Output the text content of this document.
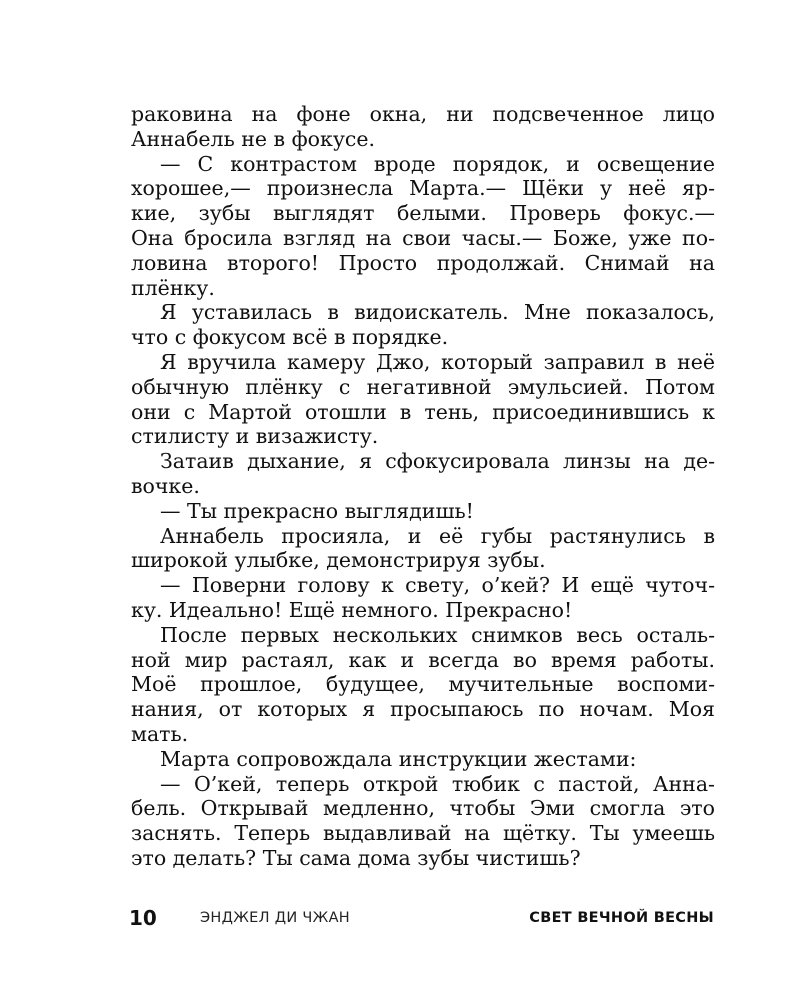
раковина на фоне окна, ни подсвеченное лицо
Аннабель не в фокусе.
— С контрастом вроде порядок, и освещение
хорошее,— произнесла Марта.— Щёки у неё яр-
кие, зубы выглядят белыми. Проверь фокус.—
Она бросила взгляд на свои часы.— Боже, уже по-
ловина второго! Просто продолжай. Снимай на
плёнку.
Я уставилась в видоискатель. Мне показалось,
что с фокусом всё в порядке.
Я вручила камеру Джо, который заправил в неё
обычную плёнку с негативной эмульсией. Потом
они с Мартой отошли в тень, присоединившись к
стилисту и визажисту.
Затаив дыхание, я сфокусировала линзы на де-
вочке.
— Ты прекрасно выглядишь!
Аннабель просияла, и её губы растянулись в
широкой улыбке, демонстрируя зубы.
— Поверни голову к свету, о’кей? И ещё чуточ-
ку. Идеально! Ещё немного. Прекрасно!
После первых нескольких снимков весь осталь-
ной мир растаял, как и всегда во время работы.
Моё прошлое, будущее, мучительные воспоми-
нания, от которых я просыпаюсь по ночам. Моя
мать.
Марта сопровождала инструкции жестами:
— О’кей, теперь открой тюбик с пастой, Анна-
бель. Открывай медленно, чтобы Эми смогла это
заснять. Теперь выдавливай на щётку. Ты умеешь
это делать? Ты сама дома зубы чистишь?
10	ЭНДЖЕЛ ДИ ЧЖАН	СВЕТ ВЕЧНОЙ ВЕСНЫ
